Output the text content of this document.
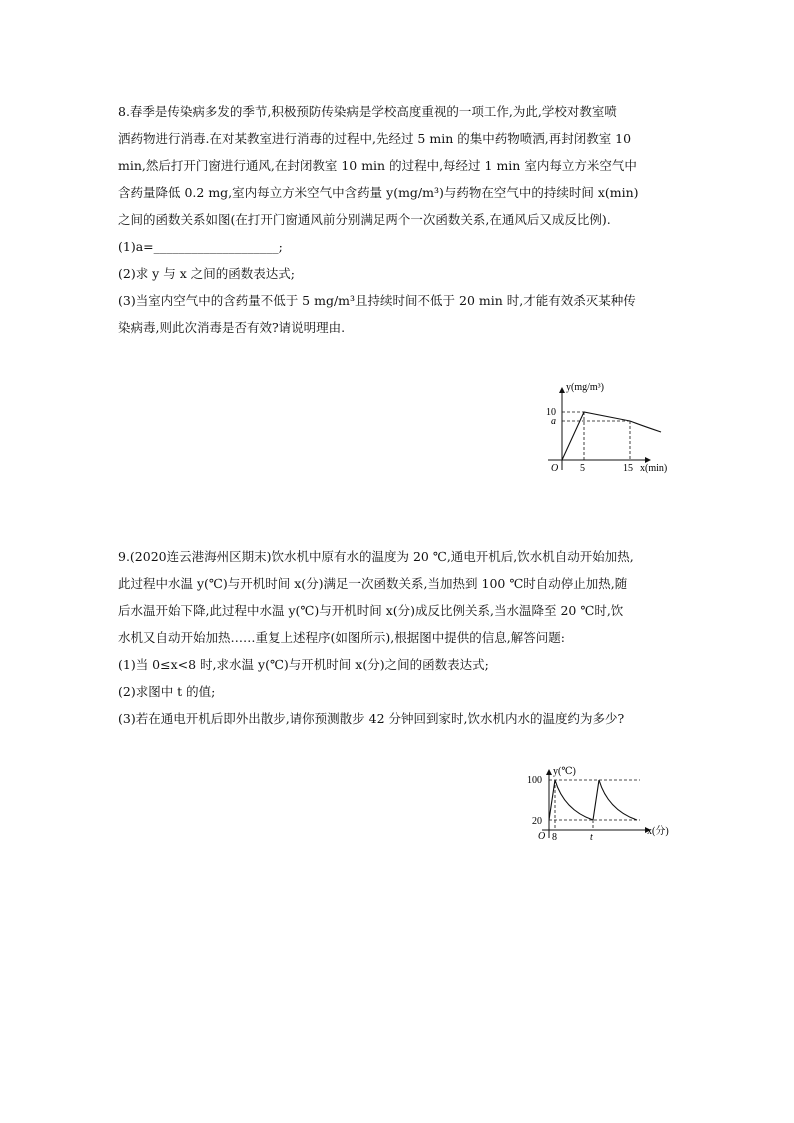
8.春季是传染病多发的季节,积极预防传染病是学校高度重视的一项工作,为此,学校对教室喷

洒药物进行消毒.在对某教室进行消毒的过程中,先经过 5 min 的集中药物喷洒,再封闭教室 10

min,然后打开门窗进行通风,在封闭教室 10 min 的过程中,每经过 1 min 室内每立方米空气中

含药量降低 0.2 mg,室内每立方米空气中含药量 y(mg/m³)与药物在空气中的持续时间 x(min)

之间的函数关系如图(在打开门窗通风前分别满足两个一次函数关系,在通风后又成反比例).

(1)a=____________________;

(2)求 y 与 x 之间的函数表达式;

(3)当室内空气中的含药量不低于 5 mg/m³且持续时间不低于 20 min 时,才能有效杀灭某种传

染病毒,则此次消毒是否有效?请说明理由.

y(mg/m³)
10
a
O 5	15 x(min)

9.(2020连云港海州区期末)饮水机中原有水的温度为 20 ℃,通电开机后,饮水机自动开始加热,

此过程中水温 y(℃)与开机时间 x(分)满足一次函数关系,当加热到 100 ℃时自动停止加热,随

后水温开始下降,此过程中水温 y(℃)与开机时间 x(分)成反比例关系,当水温降至 20 ℃时,饮

水机又自动开始加热……重复上述程序(如图所示),根据图中提供的信息,解答问题:

(1)当 0≤x<8 时,求水温 y(℃)与开机时间 x(分)之间的函数表达式;

(2)求图中 t 的值;

(3)若在通电开机后即外出散步,请你预测散步 42 分钟回到家时,饮水机内水的温度约为多少?

y(℃)
100
20
O 8	t
x(分)
